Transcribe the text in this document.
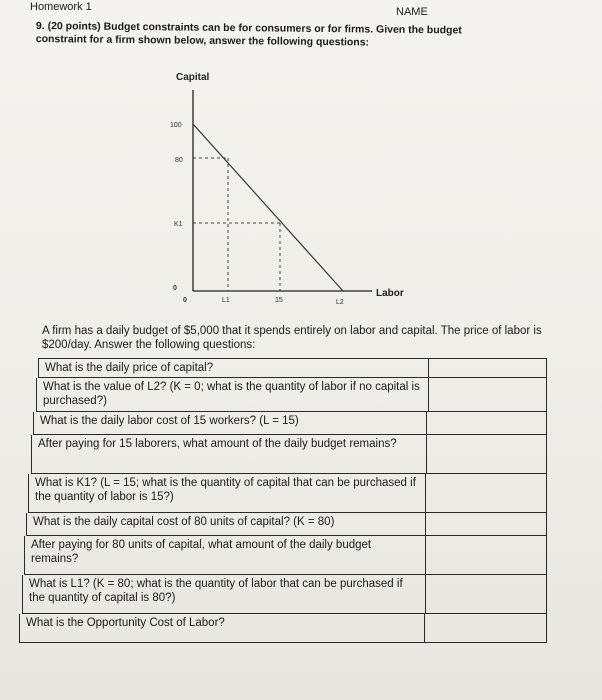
Homework 1	NAME
9. (20 points) Budget constraints can be for consumers or for firms. Given the budget constraint for a firm shown below, answer the following questions:
Capital
Labor
100
80
K1
0
0	L1	15	L2
A firm has a daily budget of $5,000 that it spends entirely on labor and capital. The price of labor is $200/day. Answer the following questions:
What is the daily price of capital?
What is the value of L2? (K = 0; what is the quantity of labor if no capital is purchased?)
What is the daily labor cost of 15 workers? (L = 15)
After paying for 15 laborers, what amount of the daily budget remains?
What is K1? (L = 15; what is the quantity of capital that can be purchased if the quantity of labor is 15?)
What is the daily capital cost of 80 units of capital? (K = 80)
After paying for 80 units of capital, what amount of the daily budget remains?
What is L1? (K = 80; what is the quantity of labor that can be purchased if the quantity of capital is 80?)
What is the Opportunity Cost of Labor?
